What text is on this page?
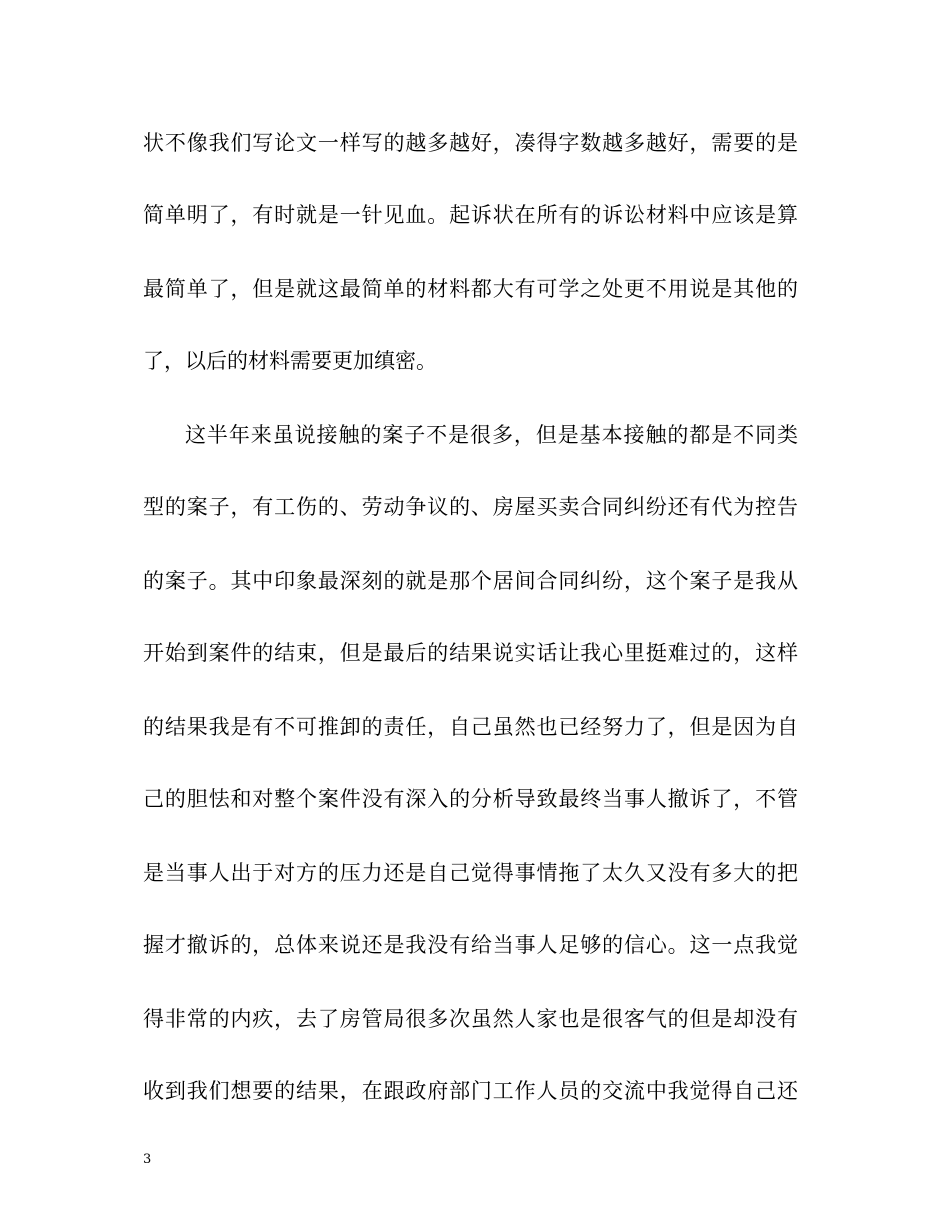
状不像我们写论文一样写的越多越好，凑得字数越多越好，需要的是
简单明了，有时就是一针见血。起诉状在所有的诉讼材料中应该是算
最简单了，但是就这最简单的材料都大有可学之处更不用说是其他的
了，以后的材料需要更加缜密。
这半年来虽说接触的案子不是很多，但是基本接触的都是不同类
型的案子，有工伤的、劳动争议的、房屋买卖合同纠纷还有代为控告
的案子。其中印象最深刻的就是那个居间合同纠纷，这个案子是我从
开始到案件的结束，但是最后的结果说实话让我心里挺难过的，这样
的结果我是有不可推卸的责任，自己虽然也已经努力了，但是因为自
己的胆怯和对整个案件没有深入的分析导致最终当事人撤诉了，不管
是当事人出于对方的压力还是自己觉得事情拖了太久又没有多大的把
握才撤诉的，总体来说还是我没有给当事人足够的信心。这一点我觉
得非常的内疚，去了房管局很多次虽然人家也是很客气的但是却没有
收到我们想要的结果，在跟政府部门工作人员的交流中我觉得自己还
3
